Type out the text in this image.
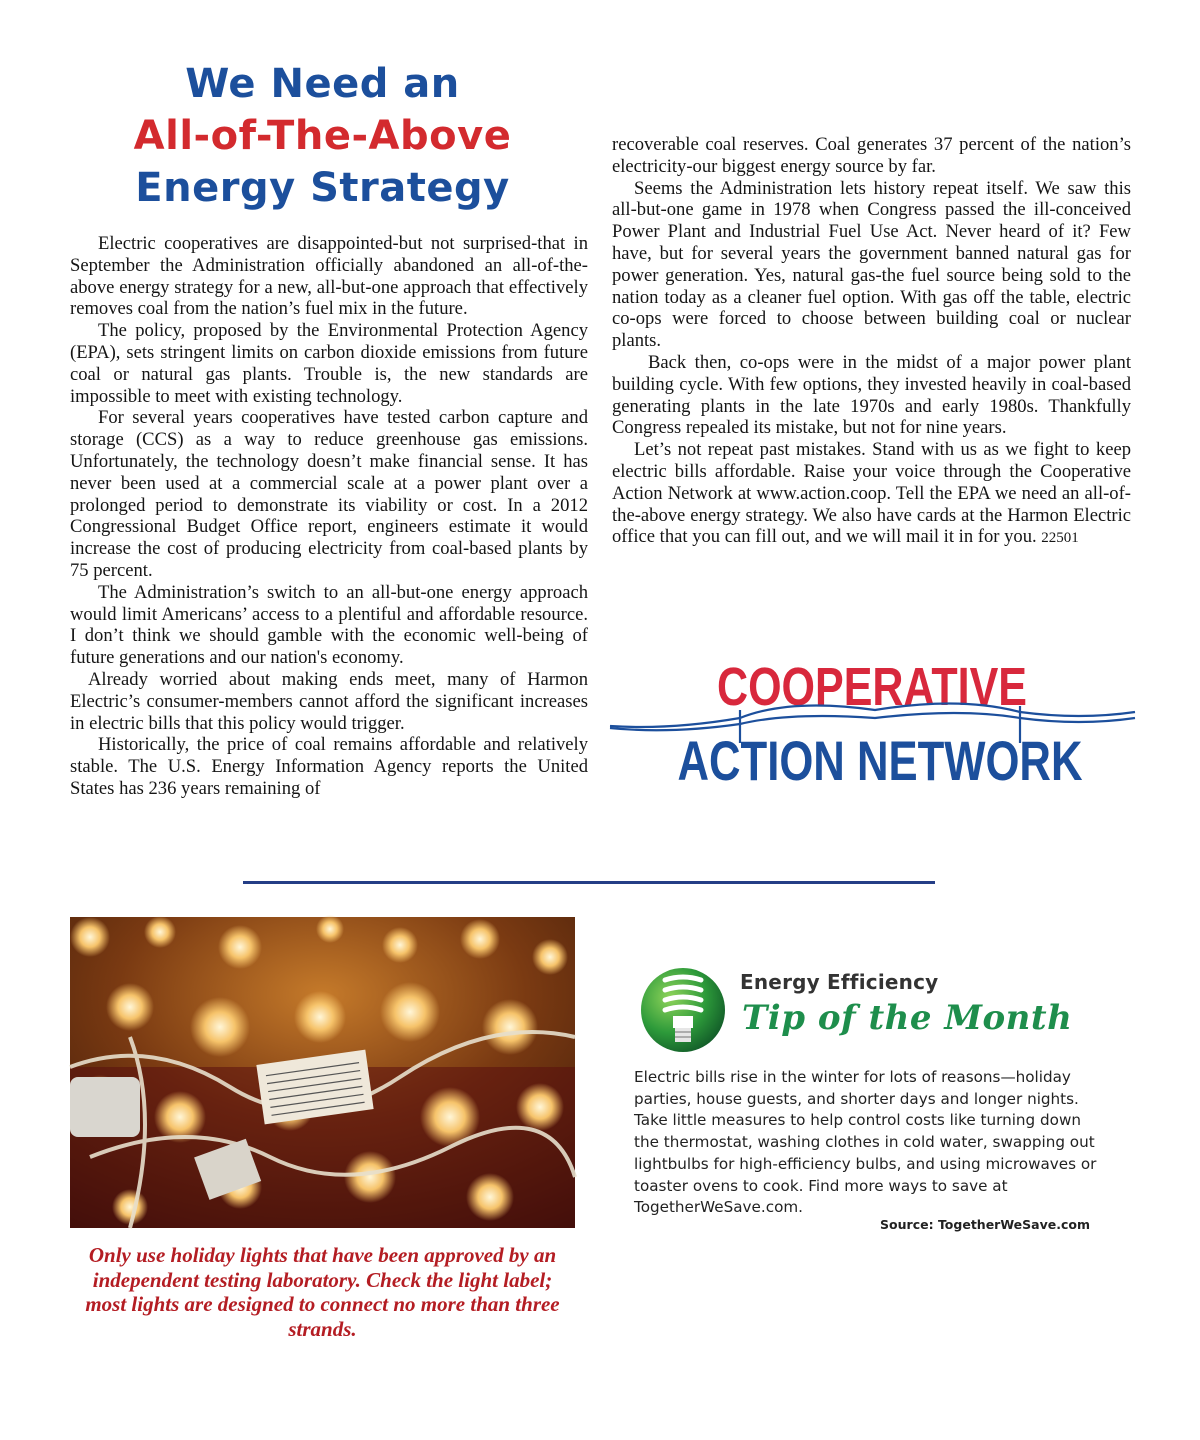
We Need an
All-of-The-Above
Energy Strategy

Electric cooperatives are disappointed-but not surprised-that in September the Administration officially abandoned an all-of-the-above energy strategy for a new, all-but-one approach that effectively removes coal from the nation’s fuel mix in the future.

The policy, proposed by the Environmental Protection Agency (EPA), sets stringent limits on carbon dioxide emissions from future coal or natural gas plants. Trouble is, the new standards are impossible to meet with existing technology.

For several years cooperatives have tested carbon capture and storage (CCS) as a way to reduce greenhouse gas emissions. Unfortunately, the technology doesn’t make financial sense. It has never been used at a commercial scale at a power plant over a prolonged period to demonstrate its viability or cost. In a 2012 Congressional Budget Office report, engineers estimate it would increase the cost of producing electricity from coal-based plants by 75 percent.

The Administration’s switch to an all-but-one energy approach would limit Americans’ access to a plentiful and affordable resource. I don’t think we should gamble with the economic well-being of future generations and our nation's economy.

Already worried about making ends meet, many of Harmon Electric’s consumer-members cannot afford the significant increases in electric bills that this policy would trigger.

Historically, the price of coal remains affordable and relatively stable. The U.S. Energy Information Agency reports the United States has 236 years remaining of

recoverable coal reserves. Coal generates 37 percent of the nation’s electricity-our biggest energy source by far.

Seems the Administration lets history repeat itself. We saw this all-but-one game in 1978 when Congress passed the ill-conceived Power Plant and Industrial Fuel Use Act. Never heard of it? Few have, but for several years the government banned natural gas for power generation. Yes, natural gas-the fuel source being sold to the nation today as a cleaner fuel option. With gas off the table, electric co-ops were forced to choose between building coal or nuclear plants.

Back then, co-ops were in the midst of a major power plant building cycle. With few options, they invested heavily in coal-based generating plants in the late 1970s and early 1980s. Thankfully Congress repealed its mistake, but not for nine years.

Let’s not repeat past mistakes. Stand with us as we fight to keep electric bills affordable. Raise your voice through the Cooperative Action Network at www.action.coop. Tell the EPA we need an all-of-the-above energy strategy. We also have cards at the Harmon Electric office that you can fill out, and we will mail it in for you. 22501

COOPERATIVE
ACTION NETWORK
Only use holiday lights that have been approved by an independent testing laboratory. Check the light label; most lights are designed to connect no more than three strands.
Energy Efficiency
Tip of the Month
Electric bills rise in the winter for lots of reasons—holiday parties, house guests, and shorter days and longer nights. Take little measures to help control costs like turning down the thermostat, washing clothes in cold water, swapping out lightbulbs for high-efficiency bulbs, and using microwaves or toaster ovens to cook. Find more ways to save at TogetherWeSave.com.
Source: TogetherWeSave.com
